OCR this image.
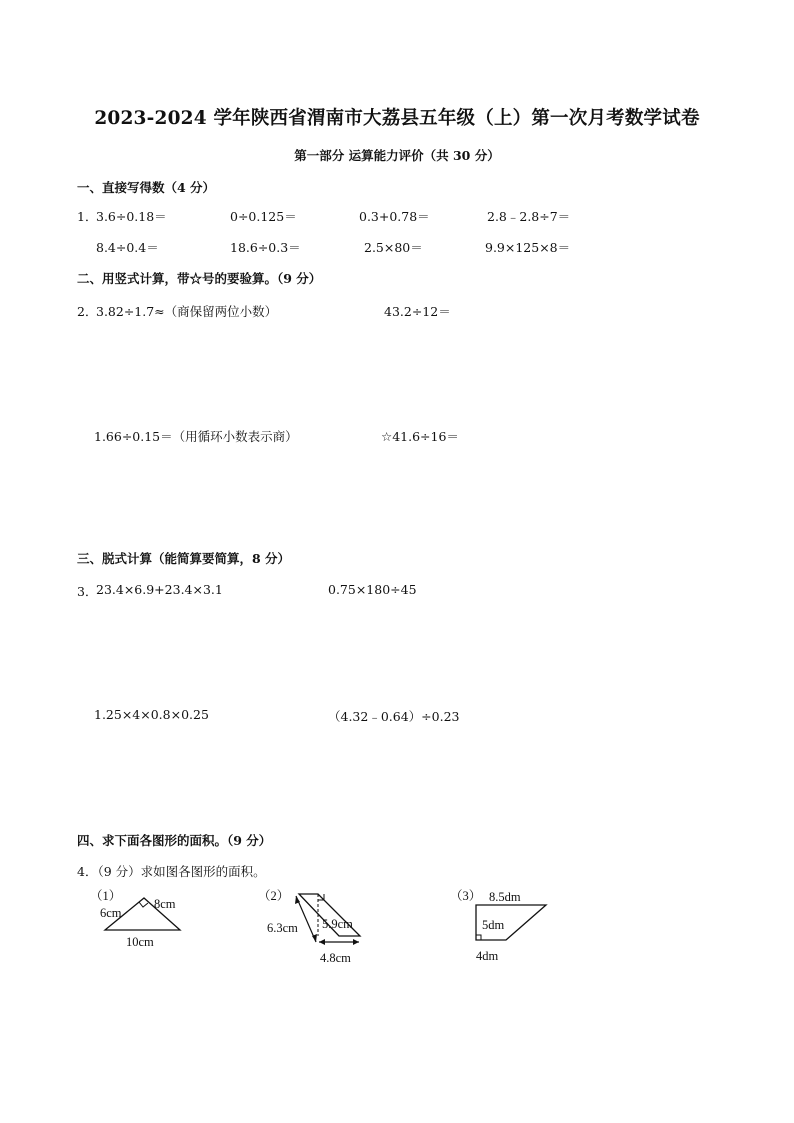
2023-2024 学年陕西省渭南市大荔县五年级（上）第一次月考数学试卷
第一部分 运算能力评价（共 30 分）
一、直接写得数（4 分）
1．
3.6÷0.18＝	0÷0.125＝	0.3+0.78＝	2.8﹣2.8÷7＝
8.4÷0.4＝	18.6÷0.3＝	2.5×80＝	9.9×125×8＝
二、用竖式计算，带☆号的要验算。（9 分）
2．
3.82÷1.7≈（商保留两位小数）	43.2÷12＝
1.66÷0.15＝（用循环小数表示商）	☆41.6÷16＝
三、脱式计算（能简算要简算，8 分）
3．
23.4×6.9+23.4×3.1	0.75×180÷45
1.25×4×0.8×0.25	（4.32﹣0.64）÷0.23
四、求下面各图形的面积。（9 分）
4．（9 分）求如图各图形的面积。
（1）
6cm
8cm
10cm
（2）
6.3cm 5.9cm
4.8cm
（3） 8.5dm
5dm
4dm
